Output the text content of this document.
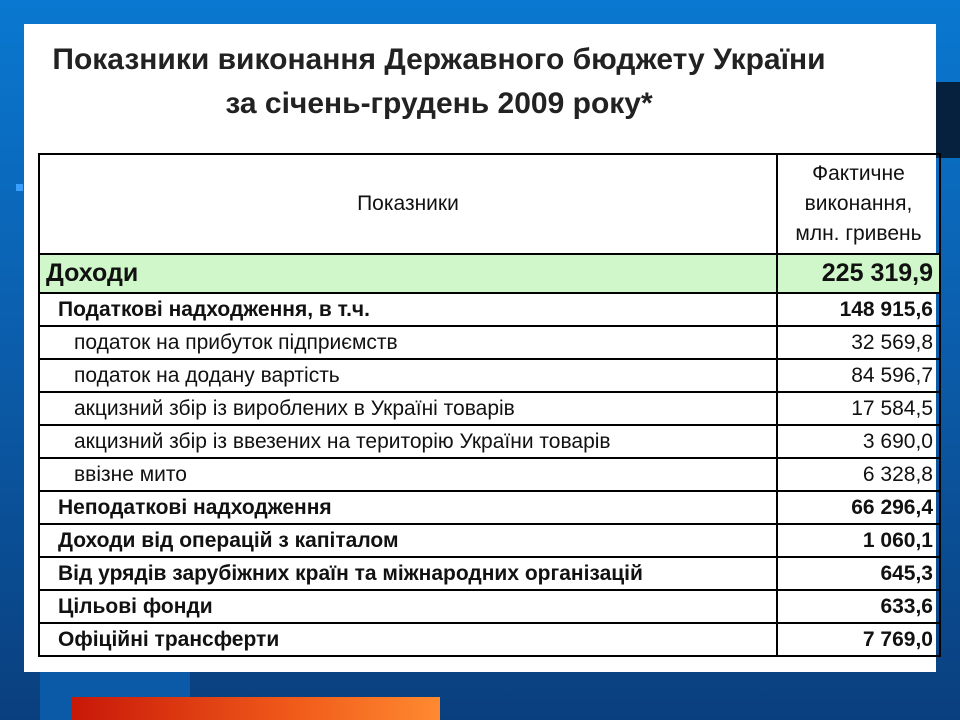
Показники виконання Державного бюджету України
за січень-грудень 2009 року*
Показники	Фактичне
виконання,
млн. гривень

Доходи	225 319,9
Податкові надходження, в т.ч.	148 915,6
податок на прибуток підприємств	32 569,8
податок на додану вартість	84 596,7
акцизний збір із вироблених в Україні товарів	17 584,5
акцизний збір із ввезених на територію України товарів	3 690,0
ввізне мито	6 328,8
Неподаткові надходження	66 296,4
Доходи від операцій з капіталом	1 060,1
Від урядів зарубіжних країн та міжнародних організацій	645,3
Цільові фонди	633,6
Офіційні трансферти	7 769,0
